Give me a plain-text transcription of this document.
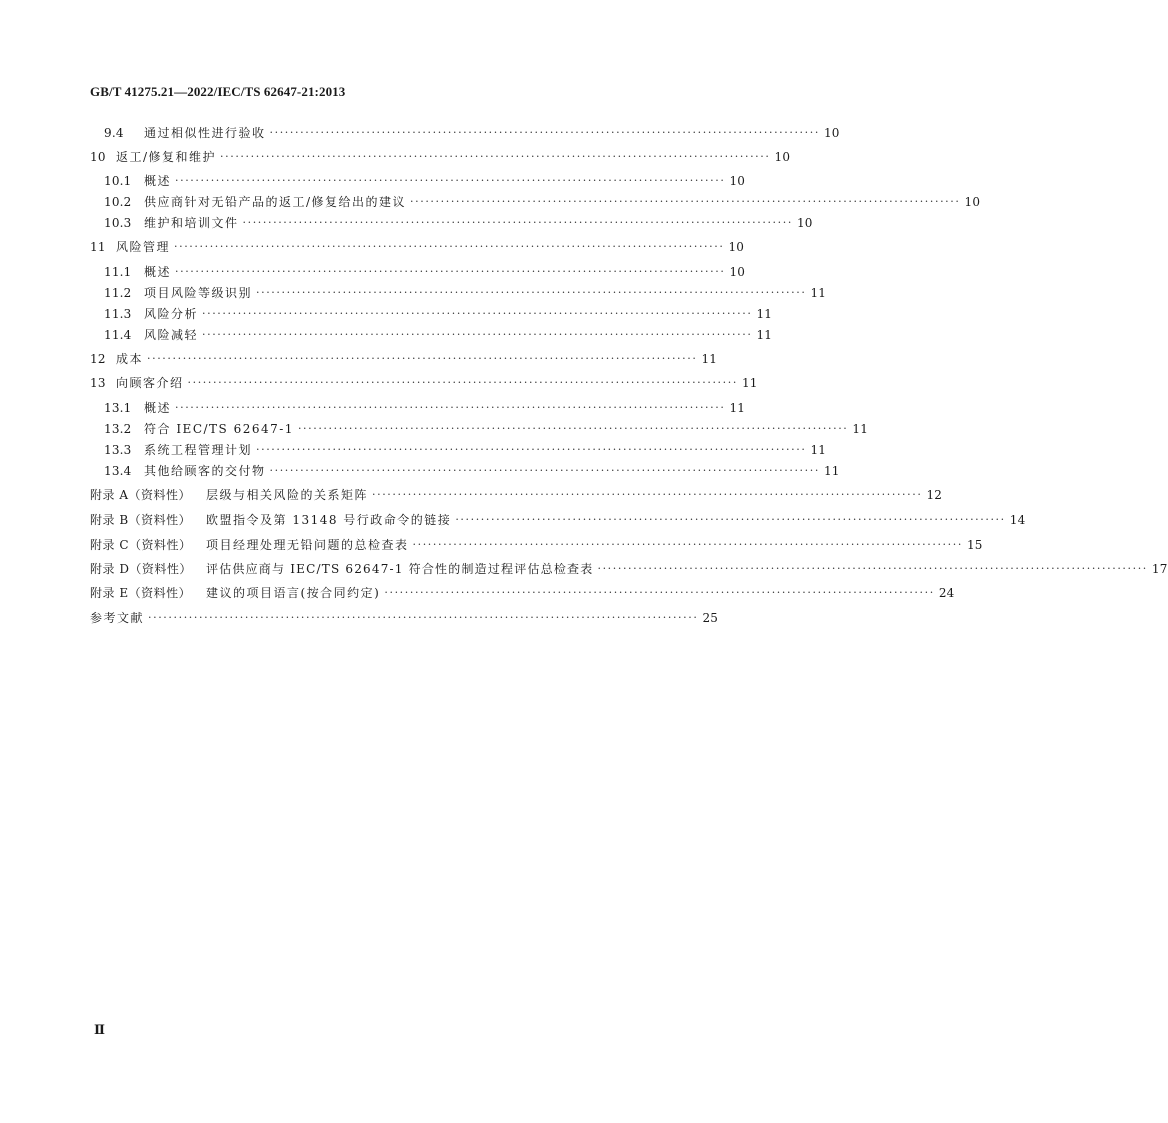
GB/T 41275.21—2022/IEC/TS 62647-21:2013
9.4	通过相似性进行验收 ············································································································ 10
10 返工/修复和维护 ············································································································ 10
10.1	概述 ············································································································ 10
10.2	供应商针对无铅产品的返工/修复给出的建议 ············································································································ 10
10.3	维护和培训文件 ············································································································ 10
11 风险管理 ············································································································ 10
11.1	概述 ············································································································ 10
11.2	项目风险等级识别 ············································································································ 11
11.3	风险分析 ············································································································ 11
11.4	风险减轻 ············································································································ 11
12 成本 ············································································································ 11
13 向顾客介绍 ············································································································ 11
13.1	概述 ············································································································ 11
13.2	符合 IEC/TS 62647-1 ············································································································ 11
13.3	系统工程管理计划 ············································································································ 11
13.4	其他给顾客的交付物 ············································································································ 11
附录 A（资料性）	层级与相关风险的关系矩阵 ············································································································ 12
附录 B（资料性）	欧盟指令及第 13148 号行政命令的链接 ············································································································ 14
附录 C（资料性）	项目经理处理无铅问题的总检查表 ············································································································ 15
附录 D（资料性）	评估供应商与 IEC/TS 62647-1 符合性的制造过程评估总检查表 ············································································································ 17
附录 E（资料性）	建议的项目语言(按合同约定) ············································································································ 24
参考文献 ············································································································ 25
Ⅱ
